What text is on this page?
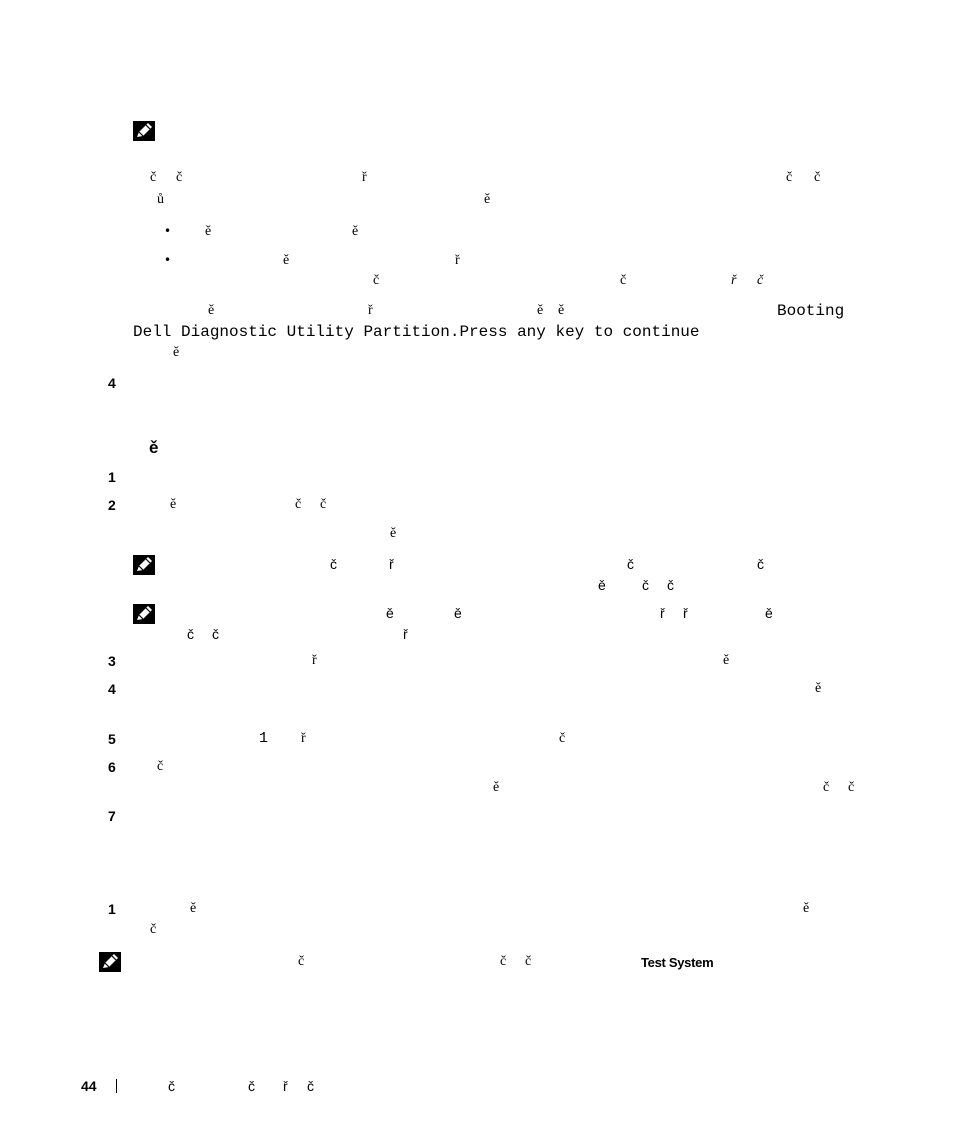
č č	ř	č č
ů	ě
• ě	ě
•	ě	ř
č	č	ř č
ě	ř	ě ě	Booting
Dell Diagnostic Utility Partition.Press any key to continue
ě
4
ě
1
2	ě	č č
ě
č	ř	č	č
ě	č č
ě	ě	ř ř	ě
č č	ř
3	ř	ě
4	ě
5	1 ř	č
6	č
ě	č č
7
1	ě	ě
č
č	č č	Test System
44	č	č ř č
